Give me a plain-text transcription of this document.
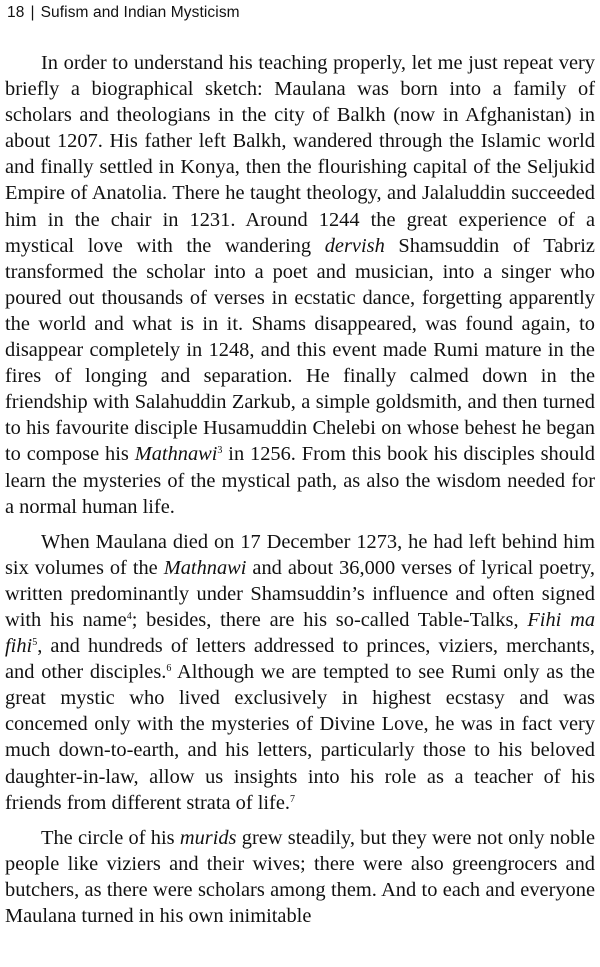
18 | Sufism and Indian Mysticism

In order to understand his teaching properly, let me just repeat very briefly a biographical sketch: Maulana was born into a family of scholars and theologians in the city of Balkh (now in Afghanistan) in about 1207. His father left Balkh, wandered through the Islamic world and finally settled in Konya, then the flourishing capital of the Seljukid Empire of Anatolia. There he taught theology, and Jalaluddin succeeded him in the chair in 1231. Around 1244 the great experience of a mystical love with the wandering dervish Shamsuddin of Tabriz transformed the scholar into a poet and musician, into a singer who poured out thousands of verses in ecstatic dance, forgetting apparently the world and what is in it. Shams disappeared, was found again, to disappear completely in 1248, and this event made Rumi mature in the fires of longing and separation. He finally calmed down in the friendship with Salahuddin Zarkub, a simple goldsmith, and then turned to his favourite disciple Husamuddin Chelebi on whose behest he began to compose his Mathnawi$^3$ in 1256. From this book his disciples should learn the mysteries of the mystical path, as also the wisdom needed for a normal human life.

When Maulana died on 17 December 1273, he had left behind him six volumes of the Mathnawi and about 36,000 verses of lyrical poetry, written predominantly under Shamsuddin’s influence and often signed with his name$^4$; besides, there are his so-called Table-Talks, Fihi ma fihi$^5$, and hundreds of letters addressed to princes, viziers, merchants, and other disciples.$^6$ Although we are tempted to see Rumi only as the great mystic who lived exclusively in highest ecstasy and was concemed only with the mysteries of Divine Love, he was in fact very much down-to-earth, and his letters, particularly those to his beloved daughter-in-law, allow us insights into his role as a teacher of his friends from different strata of life.$^7$

The circle of his murids grew steadily, but they were not only noble people like viziers and their wives; there were also greengrocers and butchers, as there were scholars among them. And to each and everyone Maulana turned in his own inimitable
